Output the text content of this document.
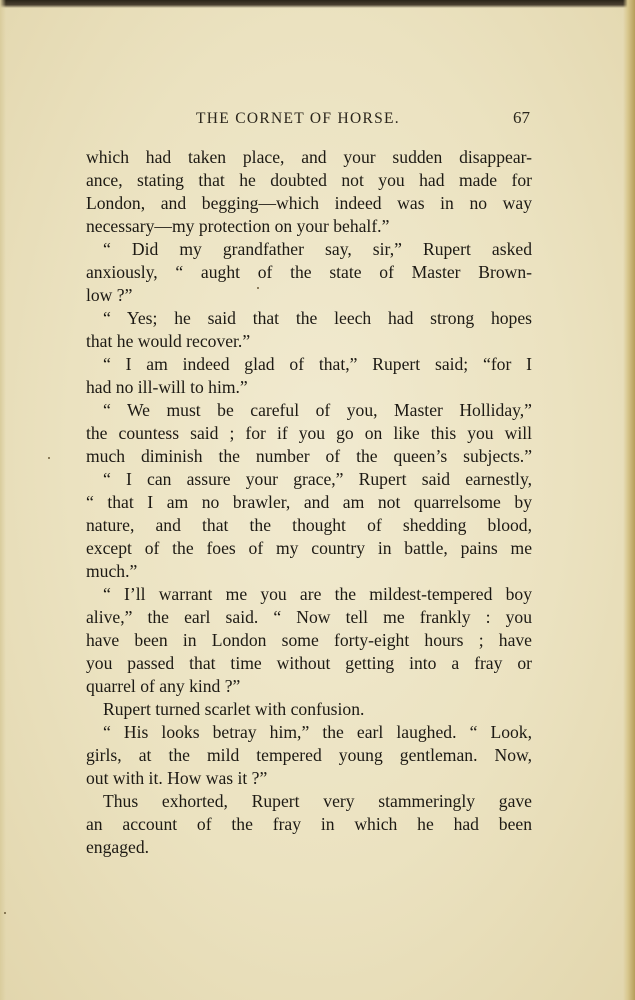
THE CORNET OF HORSE.	67
which had taken place, and your sudden disappear-
ance, stating that he doubted not you had made for
London, and begging—which indeed was in no way
necessary—my protection on your behalf.”
“ Did my grandfather say, sir,” Rupert asked
anxiously, “ aught of the state of Master Brown-
low ?”
“ Yes; he said that the leech had strong hopes
that he would recover.”
“ I am indeed glad of that,” Rupert said; “for I
had no ill-will to him.”
“ We must be careful of you, Master Holliday,”
the countess said ; for if you go on like this you will
much diminish the number of the queen’s subjects.”
“ I can assure your grace,” Rupert said earnestly,
“ that I am no brawler, and am not quarrelsome by
nature, and that the thought of shedding blood,
except of the foes of my country in battle, pains me
much.”
“ I’ll warrant me you are the mildest-tempered boy
alive,” the earl said. “ Now tell me frankly : you
have been in London some forty-eight hours ; have
you passed that time without getting into a fray or
quarrel of any kind ?”
Rupert turned scarlet with confusion.
“ His looks betray him,” the earl laughed. “ Look,
girls, at the mild tempered young gentleman. Now,
out with it. How was it ?”
Thus exhorted, Rupert very stammeringly gave
an account of the fray in which he had been
engaged.
